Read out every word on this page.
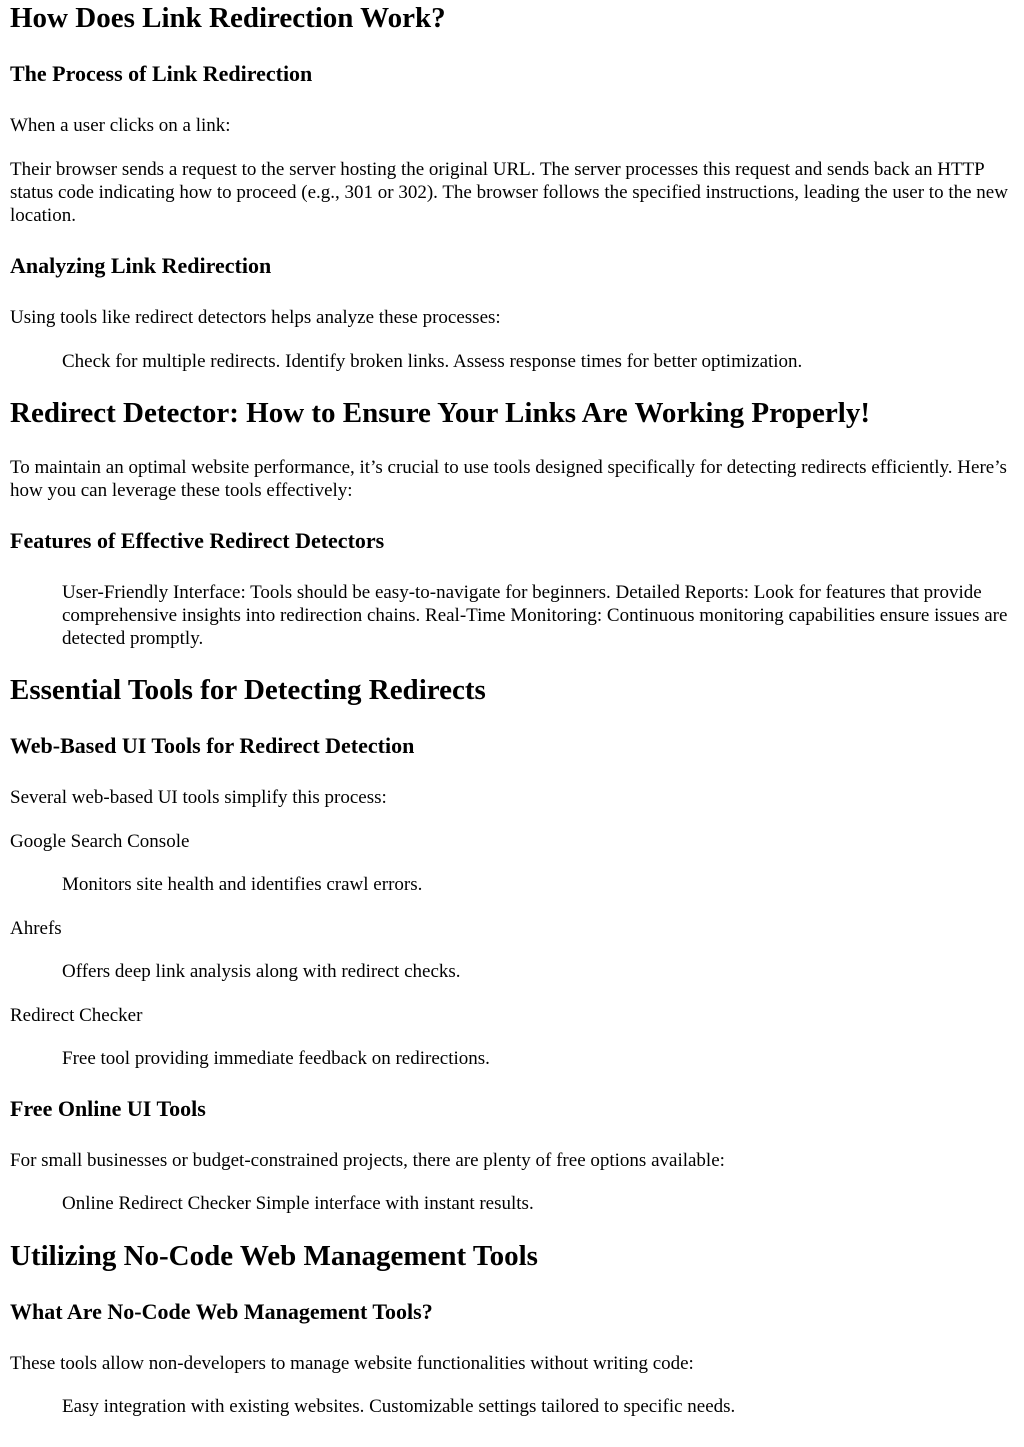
How Does Link Redirection Work?
The Process of Link Redirection

When a user clicks on a link:

Their browser sends a request to the server hosting the original URL. The server processes this request and sends back an HTTP status code indicating how to proceed (e.g., 301 or 302). The browser follows the specified instructions, leading the user to the new location.

Analyzing Link Redirection

Using tools like redirect detectors helps analyze these processes:

Check for multiple redirects. Identify broken links. Assess response times for better optimization.
Redirect Detector: How to Ensure Your Links Are Working Properly!

To maintain an optimal website performance, it’s crucial to use tools designed specifically for detecting redirects efficiently. Here’s how you can leverage these tools effectively:

Features of Effective Redirect Detectors
User-Friendly Interface: Tools should be easy-to-navigate for beginners. Detailed Reports: Look for features that provide comprehensive insights into redirection chains. Real-Time Monitoring: Continuous monitoring capabilities ensure issues are detected promptly.
Essential Tools for Detecting Redirects
Web-Based UI Tools for Redirect Detection

Several web-based UI tools simplify this process:

Google Search Console

Monitors site health and identifies crawl errors.

Ahrefs

Offers deep link analysis along with redirect checks.

Redirect Checker

Free tool providing immediate feedback on redirections.
Free Online UI Tools

For small businesses or budget-constrained projects, there are plenty of free options available:

Online Redirect Checker Simple interface with instant results.
Utilizing No-Code Web Management Tools
What Are No-Code Web Management Tools?

These tools allow non-developers to manage website functionalities without writing code:

Easy integration with existing websites. Customizable settings tailored to specific needs.
